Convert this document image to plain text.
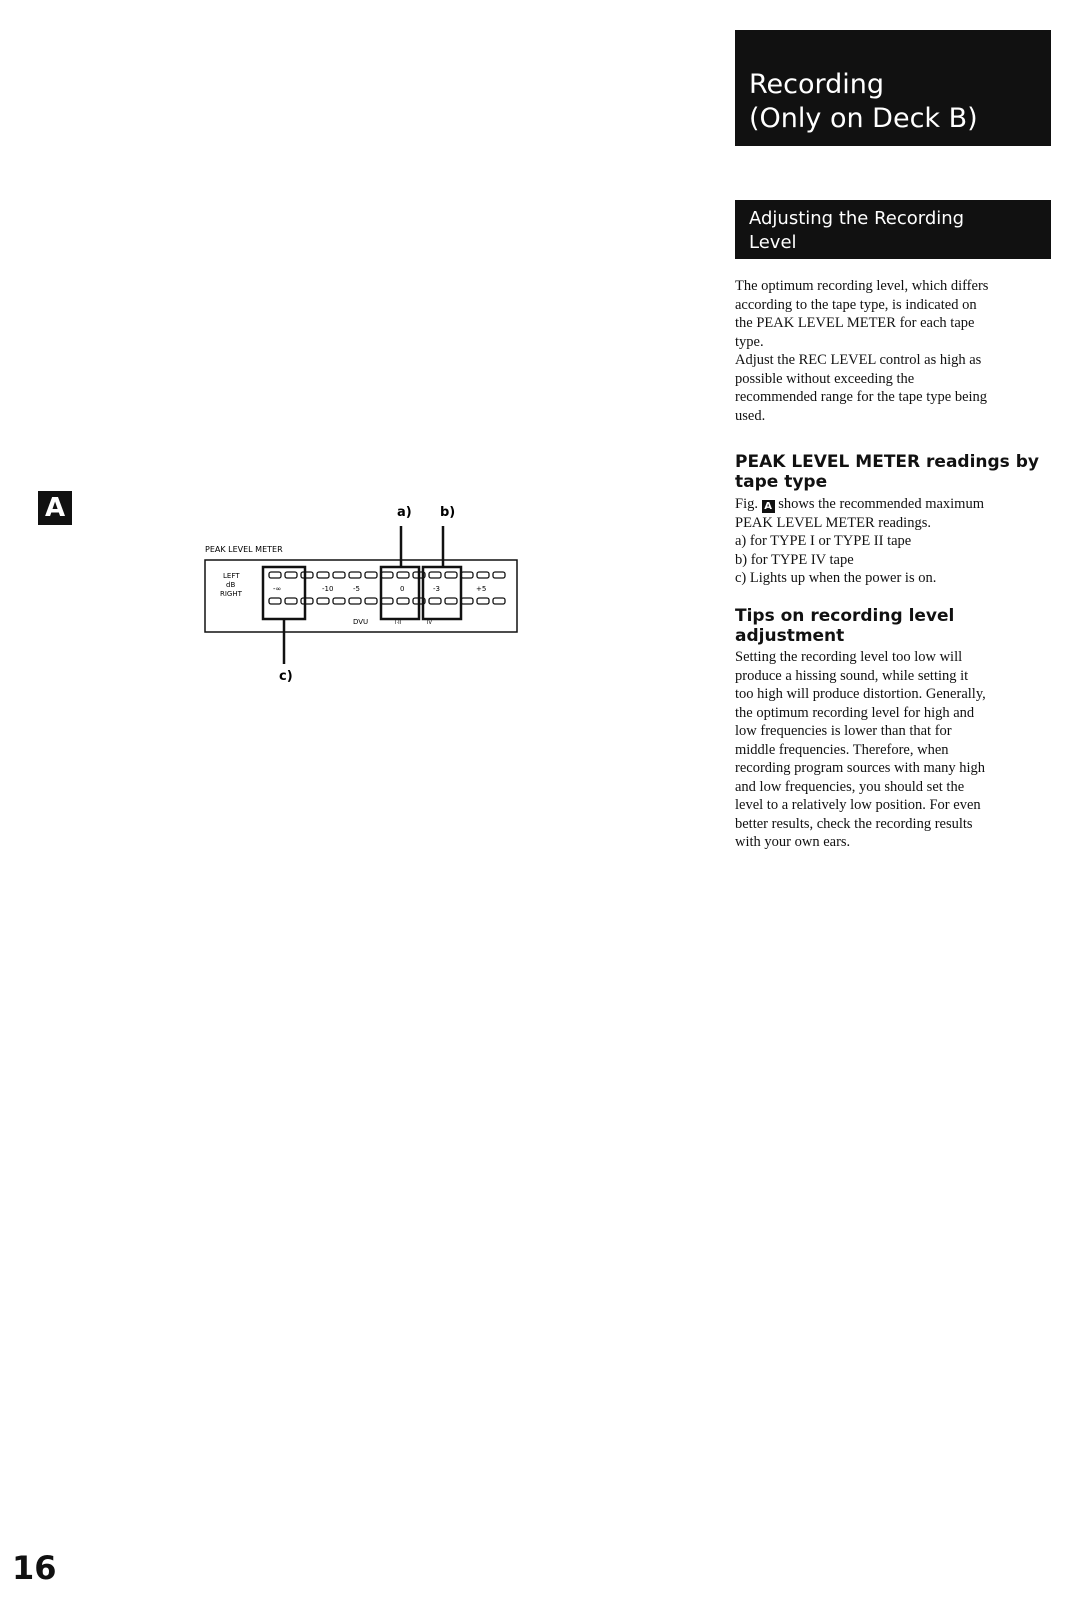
Recording
(Only on Deck B)
Adjusting the Recording
Level
The optimum recording level, which differs
according to the tape type, is indicated on
the PEAK LEVEL METER for each tape
type.
Adjust the REC LEVEL control as high as
possible without exceeding the
recommended range for the tape type being
used.
PEAK LEVEL METER readings by
tape type
Fig. A shows the recommended maximum
PEAK LEVEL METER readings.
a) for TYPE I or TYPE II tape
b) for TYPE IV tape
c) Lights up when the power is on.
Tips on recording level
adjustment
Setting the recording level too low will
produce a hissing sound, while setting it
too high will produce distortion. Generally,
the optimum recording level for high and
low frequencies is lower than that for
middle frequencies. Therefore, when
recording program sources with many high
and low frequencies, you should set the
level to a relatively low position. For even
better results, check the recording results
with your own ears.
A	a) b)
c)
PEAK LEVEL METER
LEFT
dB
RIGHT
-∞	-10	-5	0	-3	+5
DVU	I·II	IV
16
